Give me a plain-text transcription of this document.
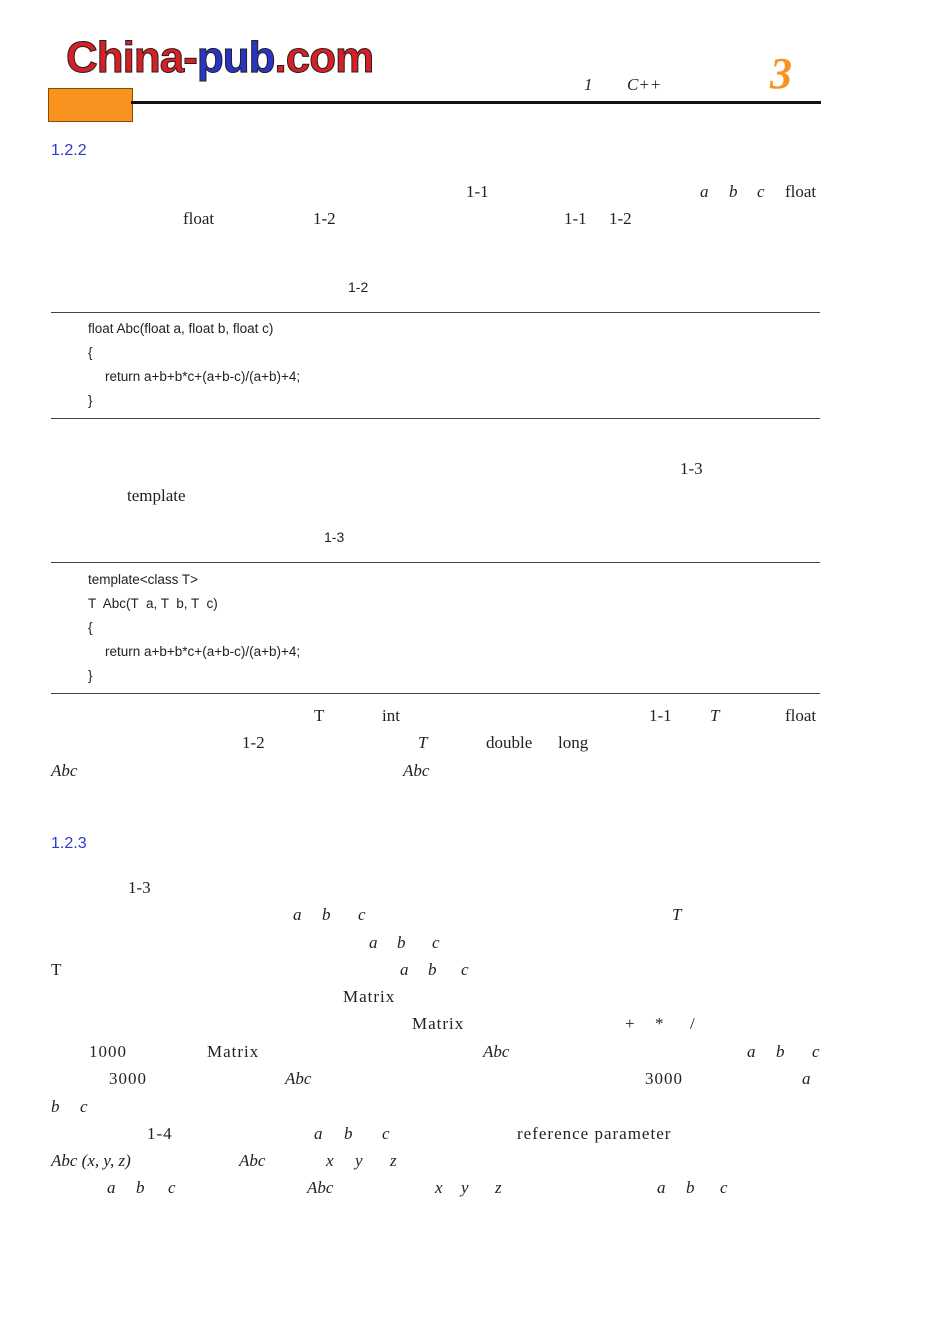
China-pub.com
1 C++ 3
1.2.2
1-1	a b c float
float	1-2	1-1 1-2
1-2
float Abc(float a, float b, float c)
{
return a+b+b*c+(a+b-c)/(a+b)+4;
}
1-3
template
1-3
template<class T>
T  Abc(T  a, T  b, T  c)
{
return a+b+b*c+(a+b-c)/(a+b)+4;
}
T	int	1-1 T	float
1-2	T	double long
Abc	Abc
1.2.3
1-3
a b c	T
a b c
T	a b c
Matrix
Matrix	+ * /
1000	Matrix	Abc	a b c
3000	Abc	3000	a
b c
1-4	a b c	reference parameter
Abc (x, y, z)	Abc	x y z
a b c	Abc	x y z	a b c
